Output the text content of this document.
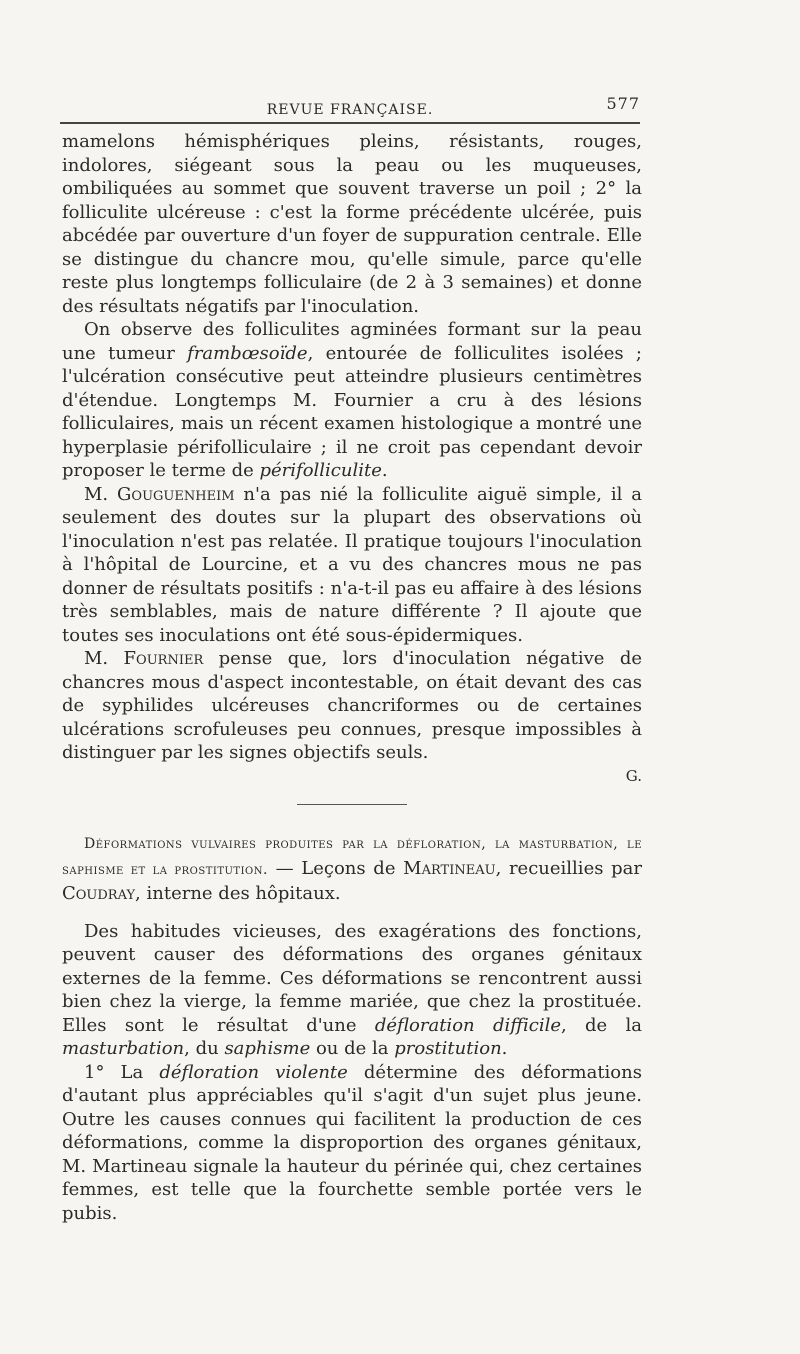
REVUE FRANÇAISE.	577

mamelons hémisphériques pleins, résistants, rouges, indolores, siégeant sous la peau ou les muqueuses, ombiliquées au sommet que souvent traverse un poil ; 2° la folliculite ulcéreuse : c'est la forme précédente ulcérée, puis abcédée par ouverture d'un foyer de suppuration centrale. Elle se distingue du chancre mou, qu'elle simule, parce qu'elle reste plus longtemps folliculaire (de 2 à 3 semaines) et donne des résultats négatifs par l'inoculation.

On observe des folliculites agminées formant sur la peau une tumeur frambœsoïde, entourée de folliculites isolées ; l'ulcération consécutive peut atteindre plusieurs centimètres d'étendue. Longtemps M. Fournier a cru à des lésions folliculaires, mais un récent examen histologique a montré une hyperplasie périfolliculaire ; il ne croit pas cependant devoir proposer le terme de périfolliculite.

M. Gouguenheim n'a pas nié la folliculite aiguë simple, il a seulement des doutes sur la plupart des observations où l'inoculation n'est pas relatée. Il pratique toujours l'inoculation à l'hôpital de Lourcine, et a vu des chancres mous ne pas donner de résultats positifs : n'a-t-il pas eu affaire à des lésions très semblables, mais de nature différente ? Il ajoute que toutes ses inoculations ont été sous-épidermiques.

M. Fournier pense que, lors d'inoculation négative de chancres mous d'aspect incontestable, on était devant des cas de syphilides ulcéreuses chancriformes ou de certaines ulcérations scrofuleuses peu connues, presque impossibles à distinguer par les signes objectifs seuls.

G.

Déformations vulvaires produites par la défloration, la masturbation, le saphisme et la prostitution. — Leçons de Martineau, recueillies par Coudray, interne des hôpitaux.

Des habitudes vicieuses, des exagérations des fonctions, peuvent causer des déformations des organes génitaux externes de la femme. Ces déformations se rencontrent aussi bien chez la vierge, la femme mariée, que chez la prostituée. Elles sont le résultat d'une défloration difficile, de la masturbation, du saphisme ou de la prostitution.

1° La défloration violente détermine des déformations d'autant plus appréciables qu'il s'agit d'un sujet plus jeune. Outre les causes connues qui facilitent la production de ces déformations, comme la disproportion des organes génitaux, M. Martineau signale la hauteur du périnée qui, chez certaines femmes, est telle que la fourchette semble portée vers le pubis.
